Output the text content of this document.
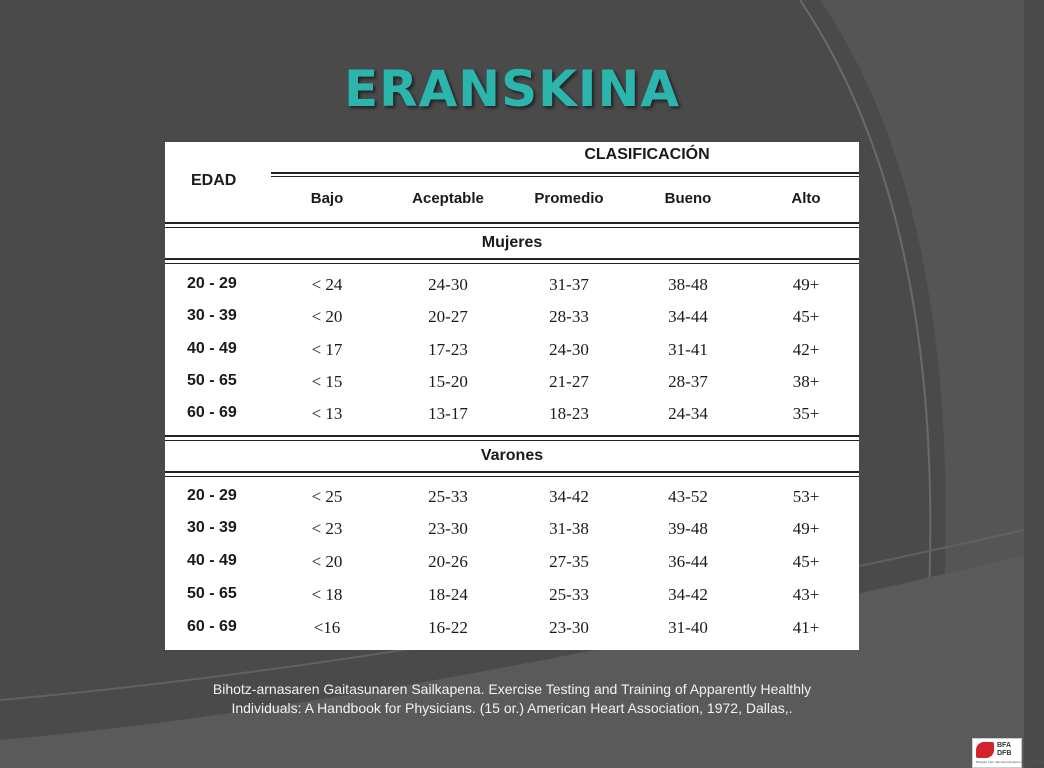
ERANSKINA
EDAD
CLASIFICACIÓN
Bajo	Aceptable	Promedio	Bueno	Alto
Mujeres
20 - 29	< 24	24-30	31-37	38-48	49+
30 - 39	< 20	20-27	28-33	34-44	45+
40 - 49	< 17	17-23	24-30	31-41	42+
50 - 65	< 15	15-20	21-27	28-37	38+
60 - 69	< 13	13-17	18-23	24-34	35+
Varones
20 - 29	< 25	25-33	34-42	43-52	53+
30 - 39	< 23	23-30	31-38	39-48	49+
40 - 49	< 20	20-26	27-35	36-44	45+
50 - 65	< 18	18-24	25-33	34-42	43+
60 - 69	<16	16-22	23-30	31-40	41+
Bihotz-arnasaren Gaitasunaren Sailkapena. Exercise Testing and Training of Apparently Healthly
Individuals: A Handbook for Physicians. (15 or.) American Heart Association, 1972, Dallas,.
BFA
DFB
Bizkaiko Foru Aldundia Diputación Foral de Bizkaia
